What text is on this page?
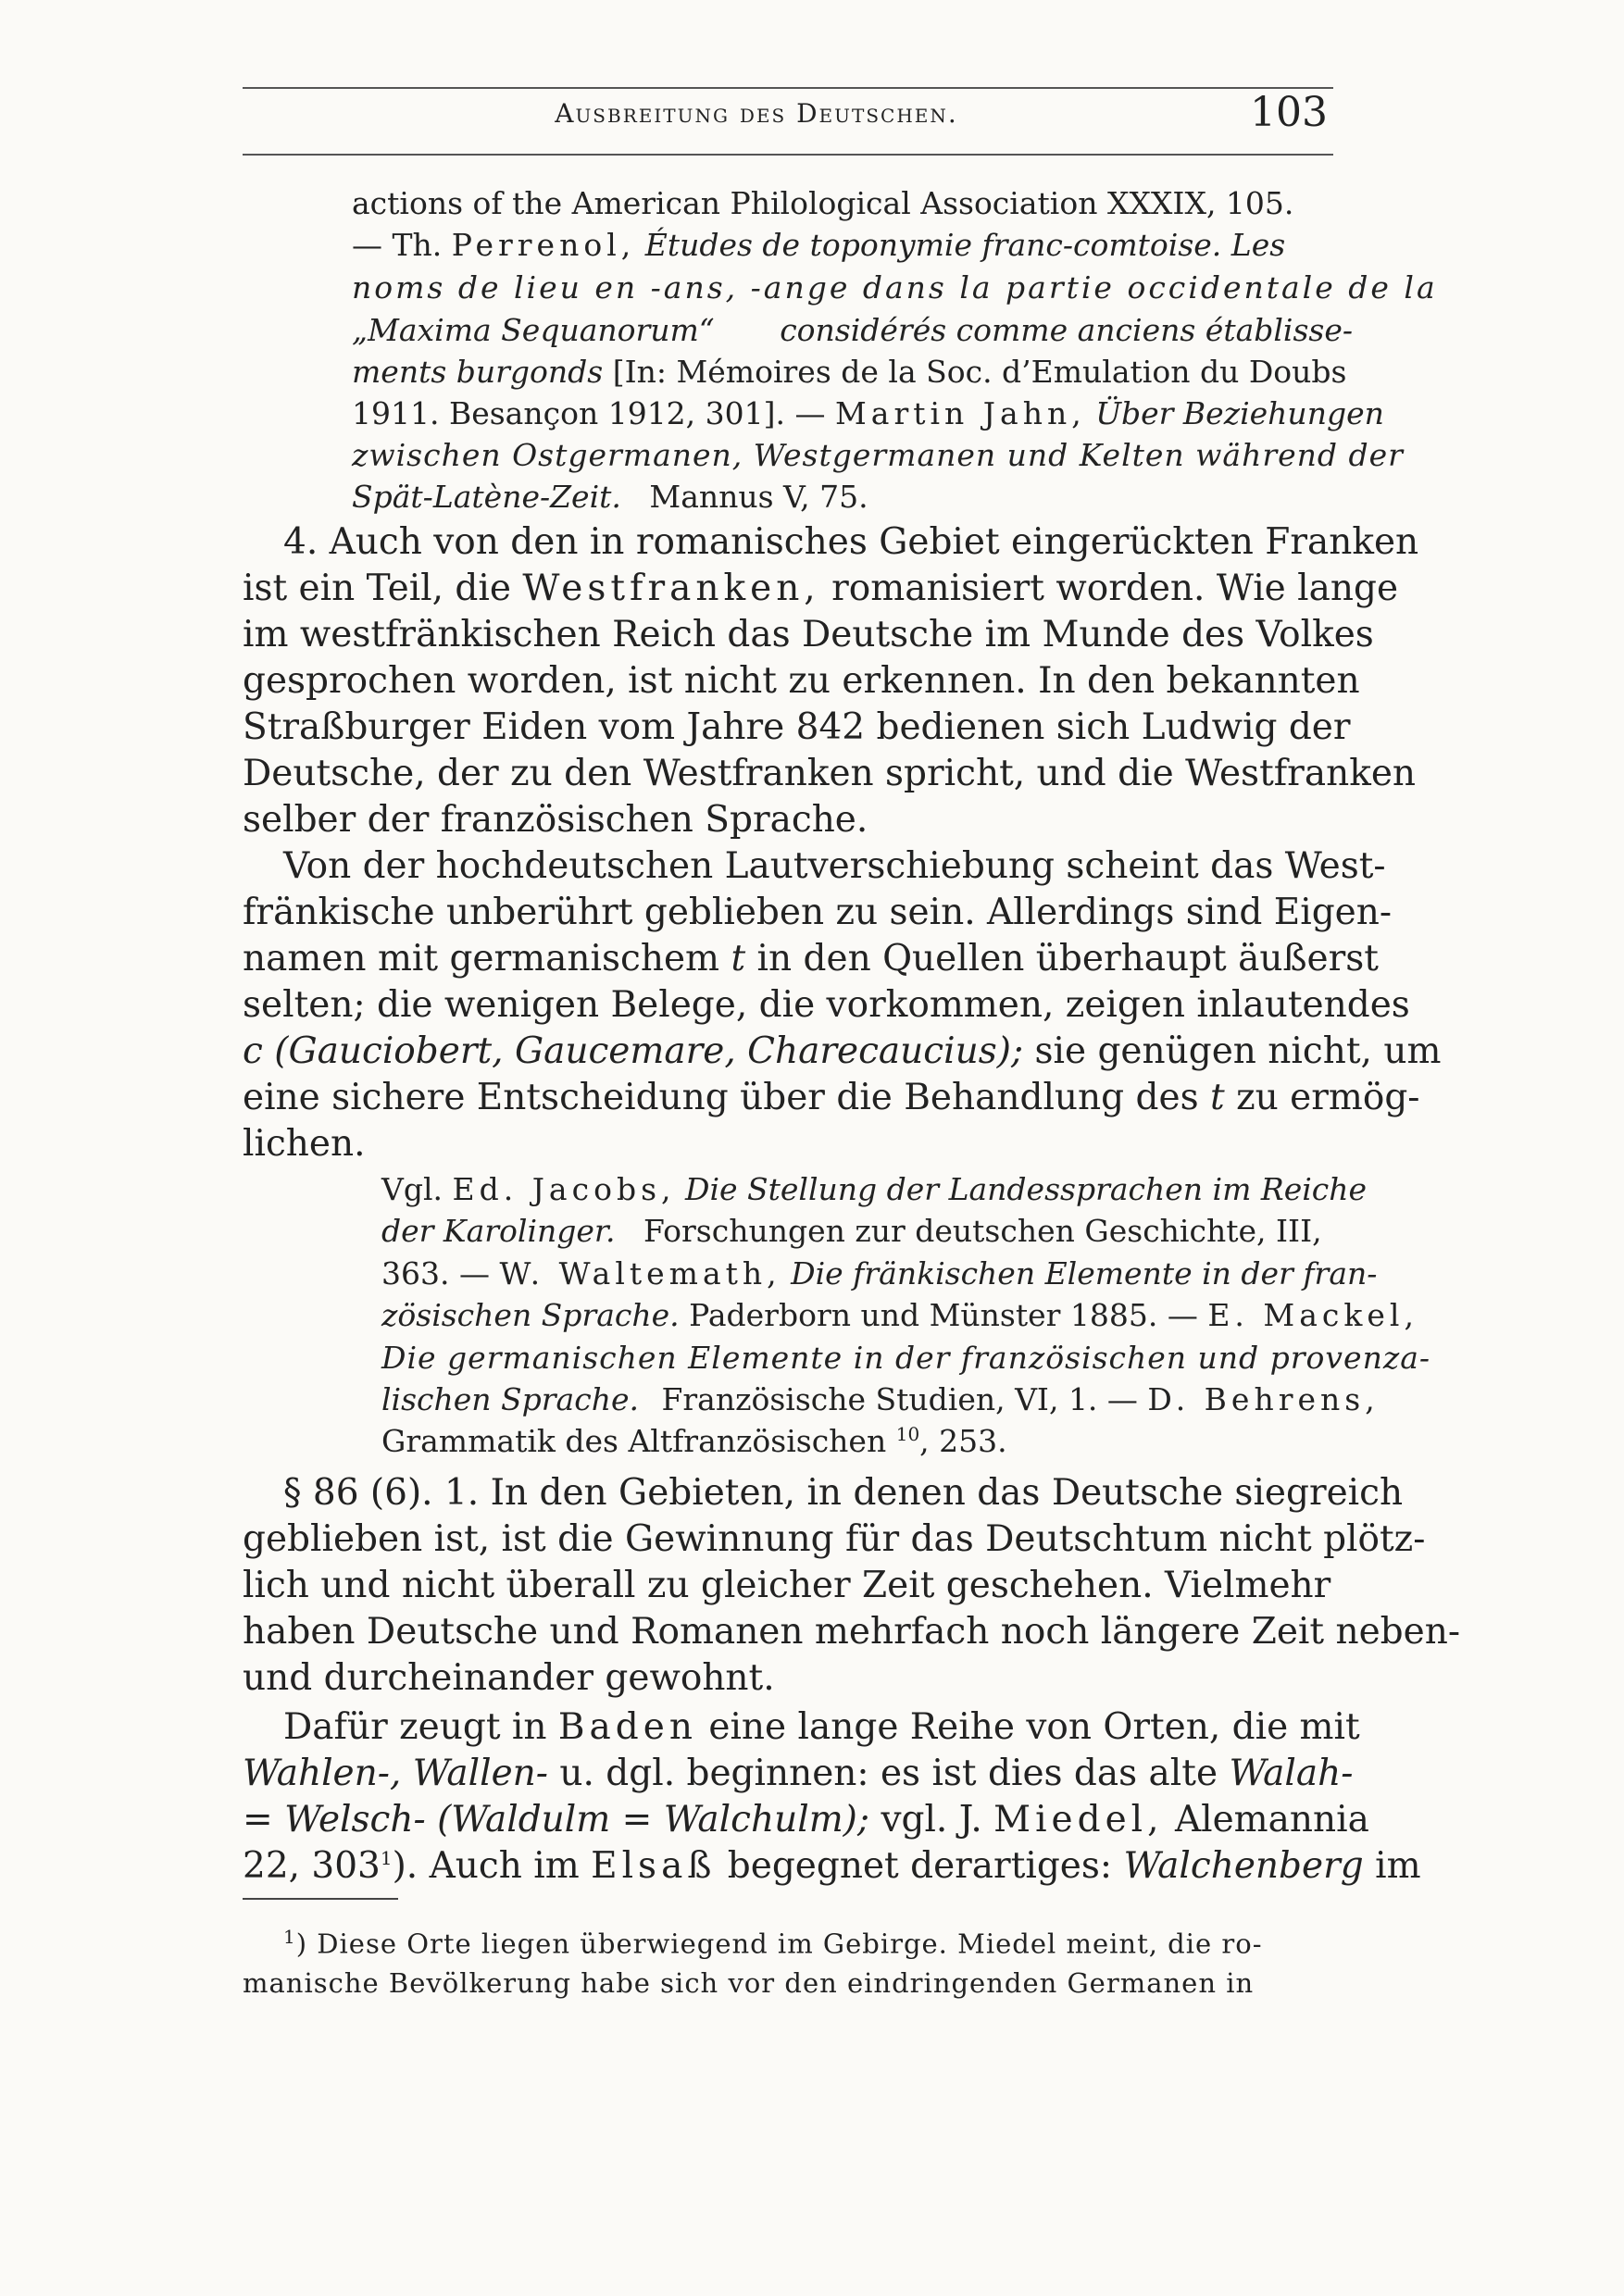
Ausbreitung des Deutschen.	103
actions of the American Philological Association XXXIX, 105.
— Th. Perrenol, Études de toponymie franc-comtoise. Les
noms de lieu en -ans, -ange dans la partie occidentale de la
„Maxima Sequanorum“ considérés comme anciens établisse-
ments burgonds [In: Mémoires de la Soc. d’Emulation du Doubs
1911. Besançon 1912, 301]. — Martin Jahn, Über Beziehungen
zwischen Ostgermanen, Westgermanen und Kelten während der
Spät-Latène-Zeit. Mannus V, 75.
4. Auch von den in romanisches Gebiet eingerückten Franken
ist ein Teil, die Westfranken, romanisiert worden. Wie lange
im westfränkischen Reich das Deutsche im Munde des Volkes
gesprochen worden, ist nicht zu erkennen. In den bekannten
Straßburger Eiden vom Jahre 842 bedienen sich Ludwig der
Deutsche, der zu den Westfranken spricht, und die Westfranken
selber der französischen Sprache.
Von der hochdeutschen Lautverschiebung scheint das West-
fränkische unberührt geblieben zu sein. Allerdings sind Eigen-
namen mit germanischem t in den Quellen überhaupt äußerst
selten; die wenigen Belege, die vorkommen, zeigen inlautendes
c (Gauciobert, Gaucemare, Charecaucius); sie genügen nicht, um
eine sichere Entscheidung über die Behandlung des t zu ermög-
lichen.
Vgl. Ed. Jacobs, Die Stellung der Landessprachen im Reiche
der Karolinger. Forschungen zur deutschen Geschichte, III,
363. — W. Waltemath, Die fränkischen Elemente in der fran-
zösischen Sprache. Paderborn und Münster 1885. — E. Mackel,
Die germanischen Elemente in der französischen und provenza-
lischen Sprache. Französische Studien, VI, 1. — D. Behrens,
Grammatik des Altfranzösischen $^{10}$, 253.
§ 86 (6). 1. In den Gebieten, in denen das Deutsche siegreich
geblieben ist, ist die Gewinnung für das Deutschtum nicht plötz-
lich und nicht überall zu gleicher Zeit geschehen. Vielmehr
haben Deutsche und Romanen mehrfach noch längere Zeit neben-
und durcheinander gewohnt.
Dafür zeugt in Baden eine lange Reihe von Orten, die mit
Wahlen-, Wallen- u. dgl. beginnen: es ist dies das alte Walah-
= Welsch- (Waldulm = Walchulm); vgl. J. Miedel, Alemannia
22, $303^1$). Auch im Elsaß begegnet derartiges: Walchenberg im
$^1$) Diese Orte liegen überwiegend im Gebirge. Miedel meint, die ro-
manische Bevölkerung habe sich vor den eindringenden Germanen in
